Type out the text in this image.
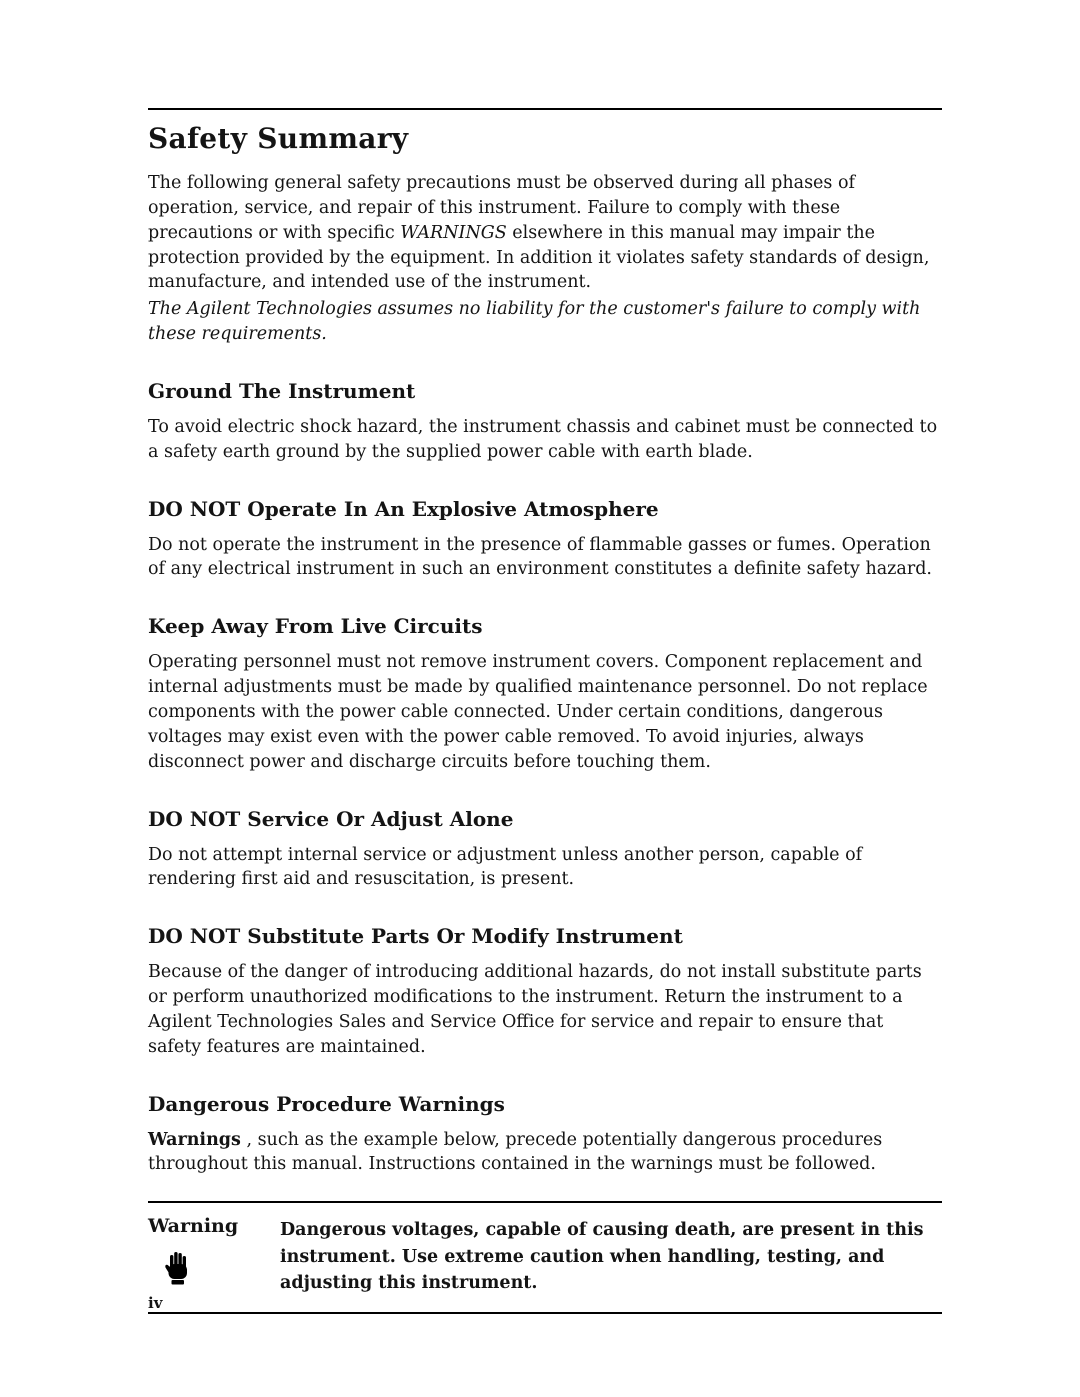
Safety Summary

The following general safety precautions must be observed during all phases of operation, service, and repair of this instrument. Failure to comply with these precautions or with specific WARNINGS elsewhere in this manual may impair the protection provided by the equipment. In addition it violates safety standards of design, manufacture, and intended use of the instrument.

The Agilent Technologies assumes no liability for the customer's failure to comply with these requirements.

Ground The Instrument

To avoid electric shock hazard, the instrument chassis and cabinet must be connected to a safety earth ground by the supplied power cable with earth blade.

DO NOT Operate In An Explosive Atmosphere

Do not operate the instrument in the presence of flammable gasses or fumes. Operation of any electrical instrument in such an environment constitutes a definite safety hazard.

Keep Away From Live Circuits

Operating personnel must not remove instrument covers. Component replacement and internal adjustments must be made by qualified maintenance personnel. Do not replace components with the power cable connected. Under certain conditions, dangerous voltages may exist even with the power cable removed. To avoid injuries, always disconnect power and discharge circuits before touching them.

DO NOT Service Or Adjust Alone

Do not attempt internal service or adjustment unless another person, capable of rendering first aid and resuscitation, is present.

DO NOT Substitute Parts Or Modify Instrument

Because of the danger of introducing additional hazards, do not install substitute parts or perform unauthorized modifications to the instrument. Return the instrument to a Agilent Technologies Sales and Service Office for service and repair to ensure that safety features are maintained.

Dangerous Procedure Warnings

Warnings , such as the example below, precede potentially dangerous procedures throughout this manual. Instructions contained in the warnings must be followed.

Warning	Dangerous voltages, capable of causing death, are present in this instrument. Use extreme caution when handling, testing, and adjusting this instrument.

iv
